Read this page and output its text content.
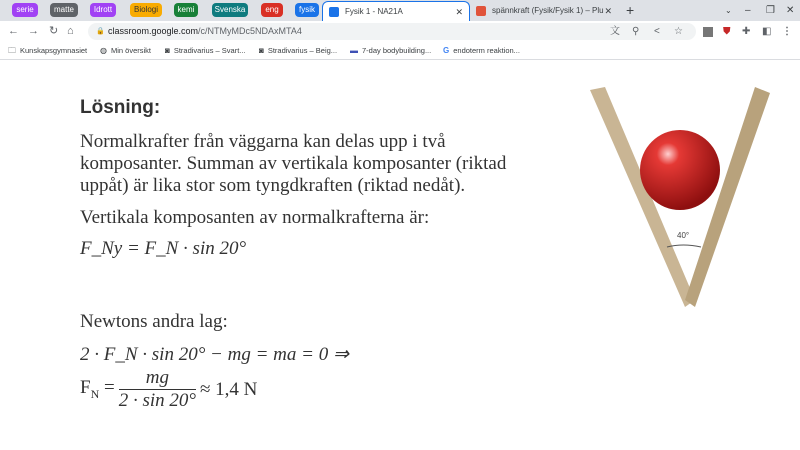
serie	matte	Idrott	Biologi	kemi	Svenska	eng	fysik	Fysik 1 - NA21A	✕	spännkraft (Fysik/Fysik 1) – Plu ✕ +	⌄ – ❐ ✕
← → ↻ ⌂	🔒 classroom.google.com/c/NTMyMDc5NDAxMTA4	文 ⚲ < ☆	⛊ ✚ ◧ ⋮
🗀 Kunskapsgymnasiet ◍ Min översikt ◙ Stradivarius – Svart... ◙ Stradivarius – Beig... ▬ 7-day bodybuilding... G endoterm reaktion...
Lösning:
Normalkrafter från väggarna kan delas upp i två
komposanter. Summan av vertikala komposanter (riktad
uppåt) är lika stor som tyngdkraften (riktad nedåt).
Vertikala komposanten av normalkrafterna är:
F_Ny = F_N · sin 20°
Newtons andra lag:
2 · F_N · sin 20° − mg = ma = 0 ⇒
$F_N = \frac{mg}{2 \cdot \sin 20^\circ} \approx 1,4$ N
40°
